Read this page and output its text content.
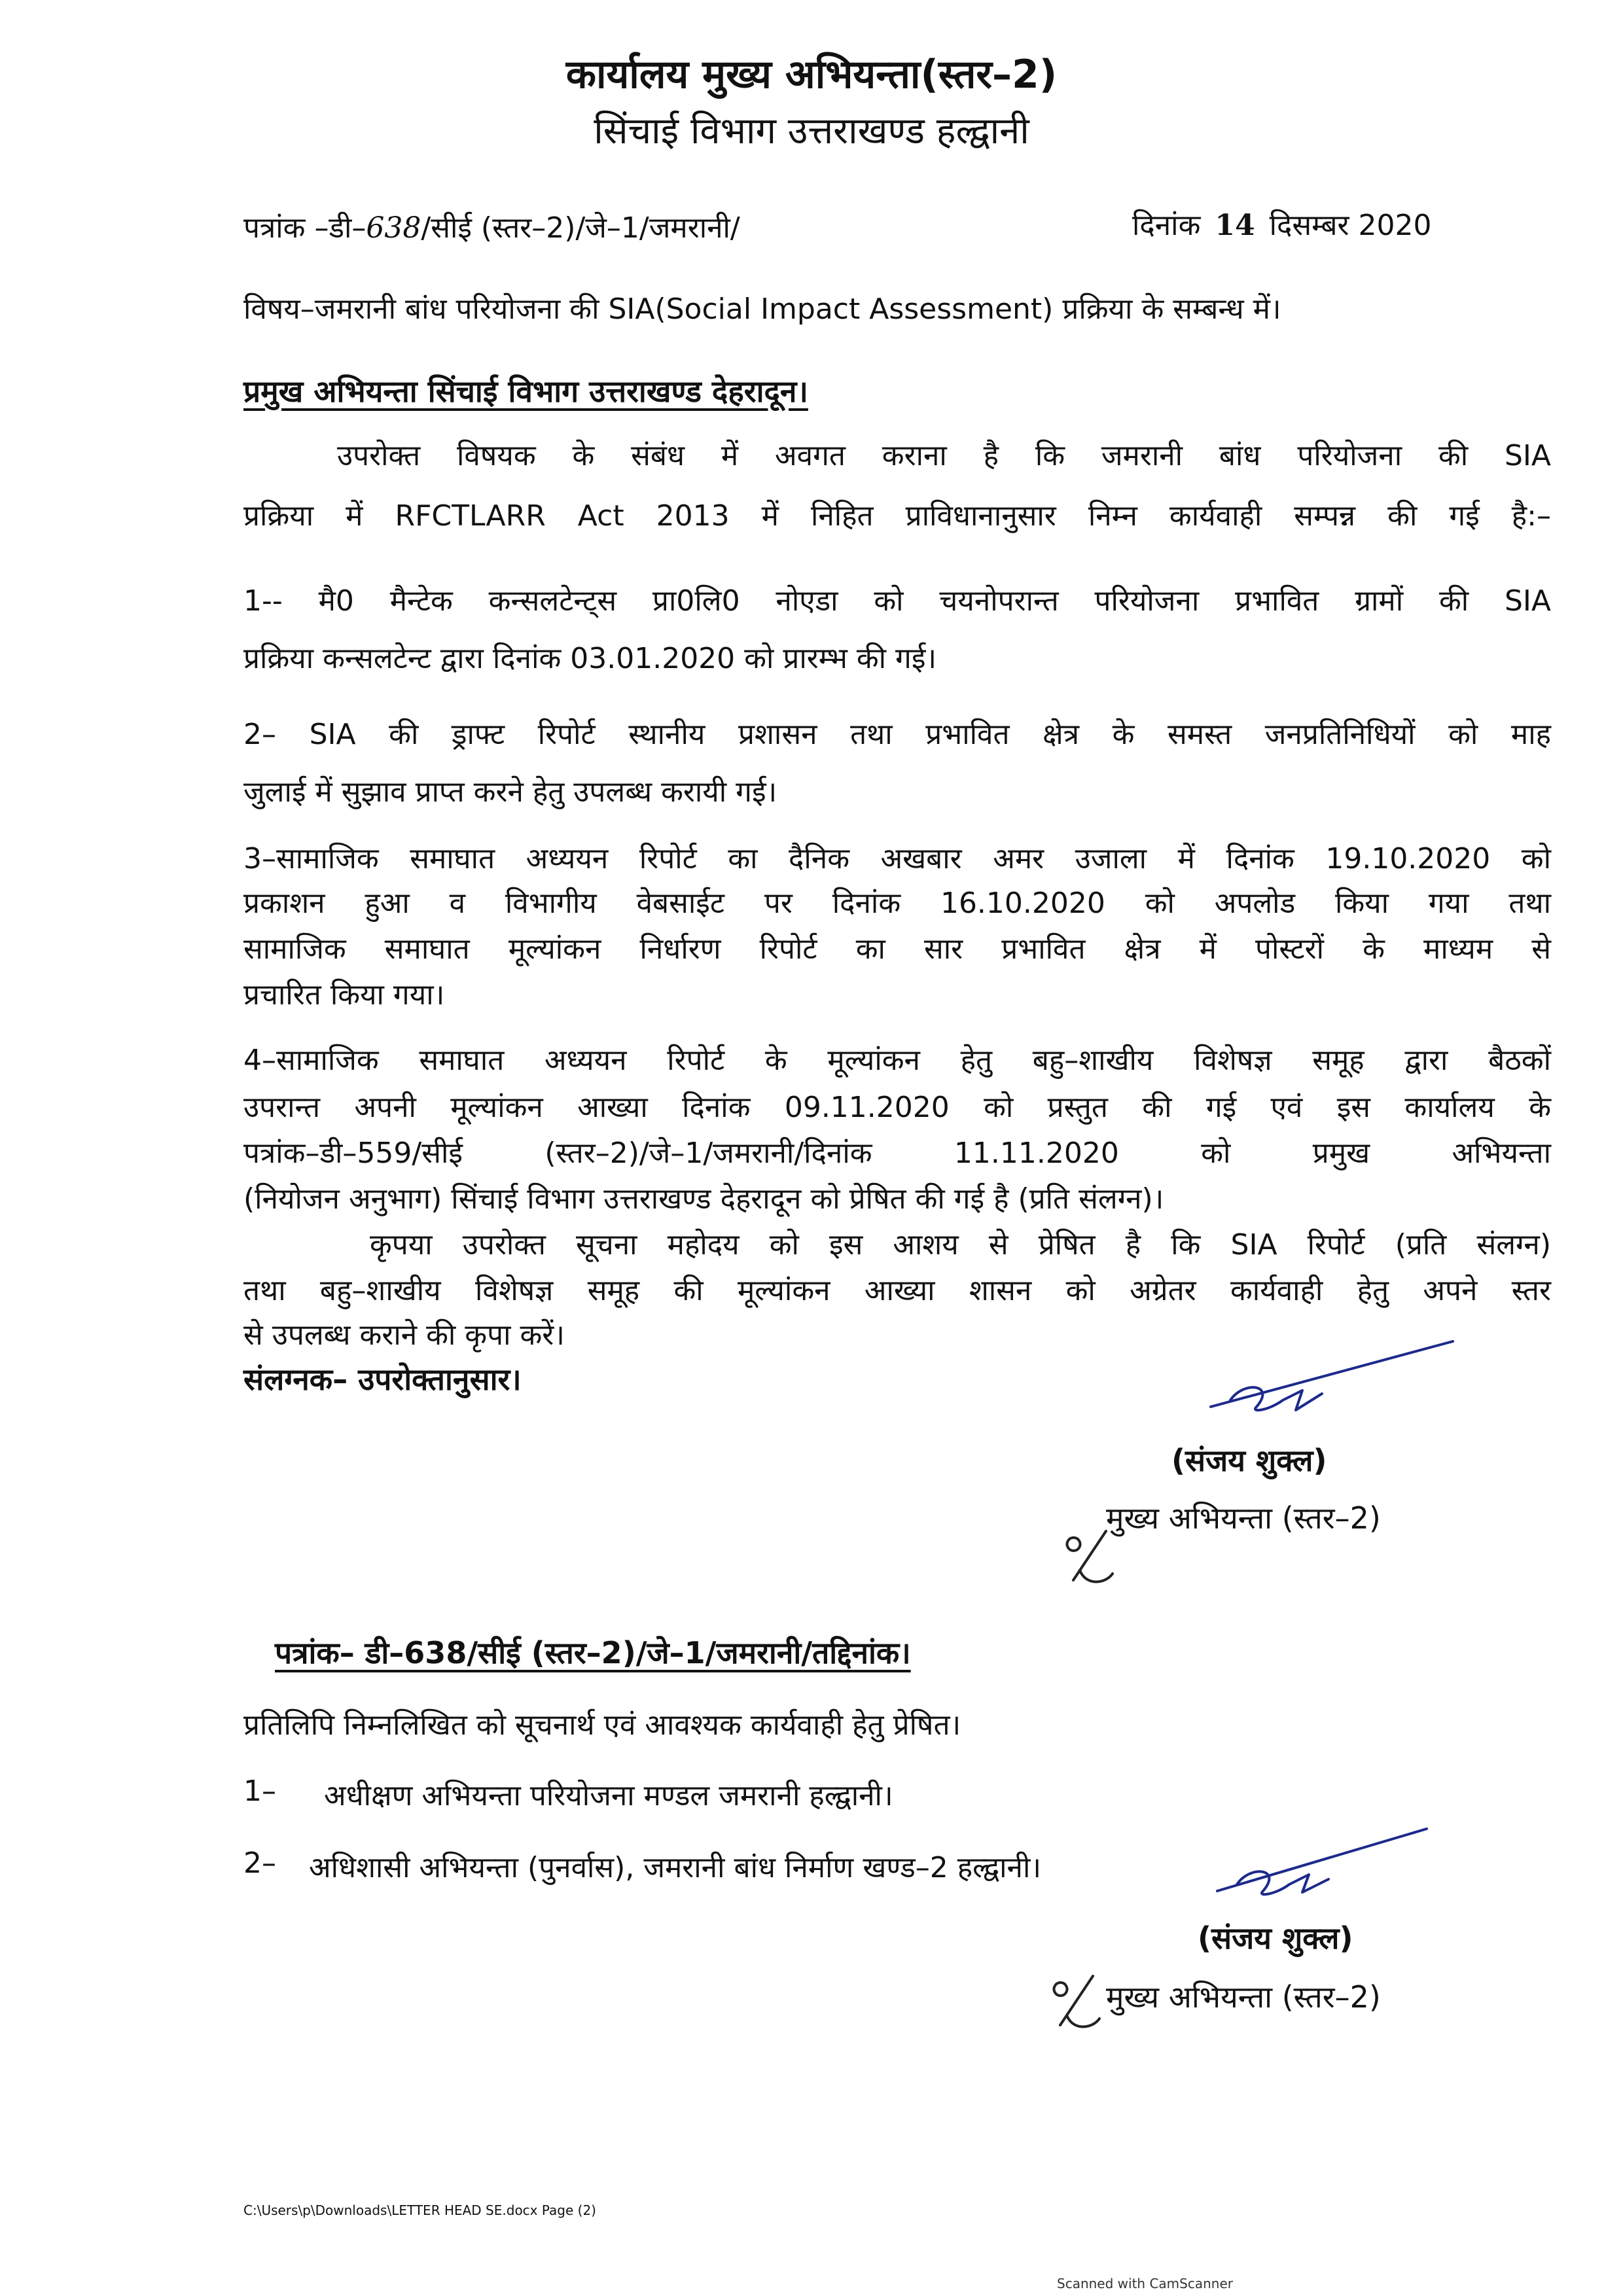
कार्यालय मुख्य अभियन्ता(स्तर–2)
सिंचाई विभाग उत्तराखण्ड हल्द्वानी
पत्रांक –डी–638/सीई (स्तर–2)/जे–1/जमरानी/	दिनांक 14 दिसम्बर 2020
विषय–जमरानी बांध परियोजना की SIA(Social Impact Assessment) प्रक्रिया के सम्बन्ध में।
प्रमुख अभियन्ता सिंचाई विभाग उत्तराखण्ड देहरादून।
उपरोक्त विषयक के संबंध में अवगत कराना है कि जमरानी बांध परियोजना की SIA
प्रक्रिया में RFCTLARR Act 2013 में निहित प्राविधानानुसार निम्न कार्यवाही सम्पन्न की गई है:–
1-- मै0 मैन्टेक कन्सलटेन्ट्स प्रा0लि0 नोएडा को चयनोपरान्त परियोजना प्रभावित ग्रामों की SIA
प्रक्रिया कन्सलटेन्ट द्वारा दिनांक 03.01.2020 को प्रारम्भ की गई।
2– SIA की ड्राफ्ट रिपोर्ट स्थानीय प्रशासन तथा प्रभावित क्षेत्र के समस्त जनप्रतिनिधियों को माह
जुलाई में सुझाव प्राप्त करने हेतु उपलब्ध करायी गई।
3–सामाजिक समाघात अध्ययन रिपोर्ट का दैनिक अखबार अमर उजाला में दिनांक 19.10.2020 को
प्रकाशन हुआ व विभागीय वेबसाईट पर दिनांक 16.10.2020 को अपलोड किया गया तथा
सामाजिक समाघात मूल्यांकन निर्धारण रिपोर्ट का सार प्रभावित क्षेत्र में पोस्टरों के माध्यम से
प्रचारित किया गया।
4–सामाजिक समाघात अध्ययन रिपोर्ट के मूल्यांकन हेतु बहु–शाखीय विशेषज्ञ समूह द्वारा बैठकों
उपरान्त अपनी मूल्यांकन आख्या दिनांक 09.11.2020 को प्रस्तुत की गई एवं इस कार्यालय के
पत्रांक–डी–559/सीई (स्तर–2)/जे–1/जमरानी/दिनांक 11.11.2020 को प्रमुख अभियन्ता
(नियोजन अनुभाग) सिंचाई विभाग उत्तराखण्ड देहरादून को प्रेषित की गई है (प्रति संलग्न)।
कृपया उपरोक्त सूचना महोदय को इस आशय से प्रेषित है कि SIA रिपोर्ट (प्रति संलग्न)
तथा बहु–शाखीय विशेषज्ञ समूह की मूल्यांकन आख्या शासन को अग्रेतर कार्यवाही हेतु अपने स्तर
से उपलब्ध कराने की कृपा करें।
संलग्नक– उपरोक्तानुसार।
(संजय शुक्ल)
मुख्य अभियन्ता (स्तर–2)
पत्रांक– डी–638/सीई (स्तर–2)/जे–1/जमरानी/तद्दिनांक।
प्रतिलिपि निम्नलिखित को सूचनार्थ एवं आवश्यक कार्यवाही हेतु प्रेषित।
1– अधीक्षण अभियन्ता परियोजना मण्डल जमरानी हल्द्वानी।
2– अधिशासी अभियन्ता (पुनर्वास), जमरानी बांध निर्माण खण्ड–2 हल्द्वानी।
(संजय शुक्ल)
मुख्य अभियन्ता (स्तर–2)
C:\Users\p\Downloads\LETTER HEAD SE.docx Page (2)
Scanned with CamScanner
